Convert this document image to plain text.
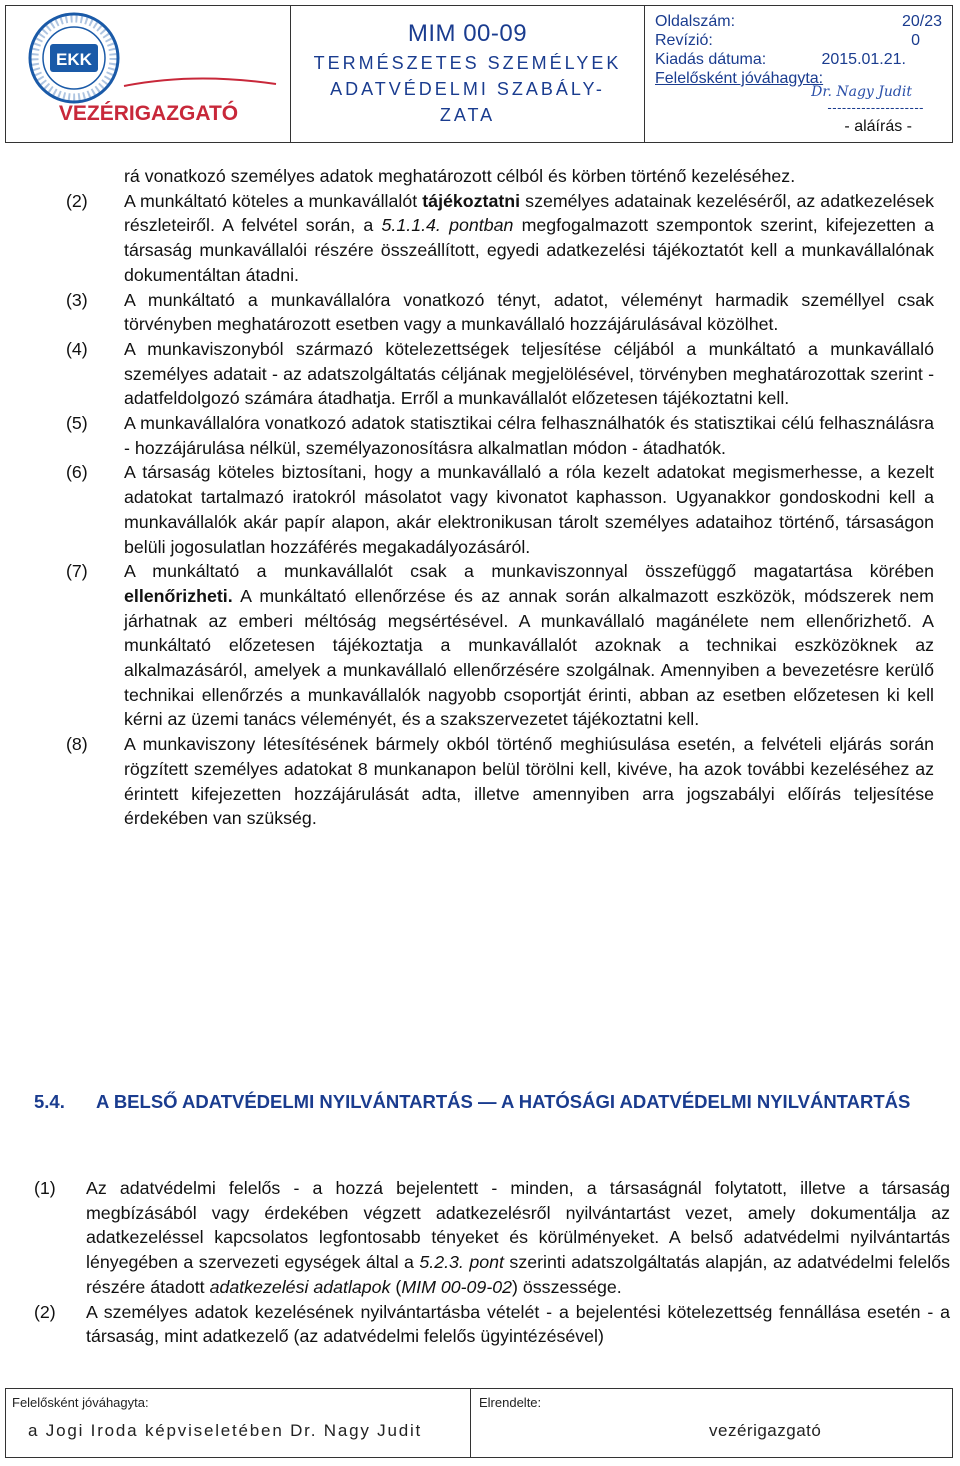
EKK
VEZÉRIGAZGATÓ
MIM 00-09
TERMÉSZETES SZEMÉLYEK ADATVÉDELMI SZABÁLY-ZATA
Oldalszám:	20/23
Revízió:	0
Kiadás dátuma:	2015.01.21.
Felelősként jóváhagyta:
Dr. Nagy Judit
--------------------
- aláírás -
rá vonatkozó személyes adatok meghatározott célból és körben történő kezeléséhez.
(2)	A munkáltató köteles a munkavállalót tájékoztatni személyes adatainak kezeléséről, az adatkezelések részleteiről. A felvétel során, a 5.1.1.4. pontban megfogalmazott szempontok szerint, kifejezetten a társaság munkavállalói részére összeállított, egyedi adatkezelési tájékoztatót kell a munkavállalónak dokumentáltan átadni.
(3)	A munkáltató a munkavállalóra vonatkozó tényt, adatot, véleményt harmadik személlyel csak törvényben meghatározott esetben vagy a munkavállaló hozzájárulásával közölhet.
(4)	A munkaviszonyból származó kötelezettségek teljesítése céljából a munkáltató a munkavállaló személyes adatait - az adatszolgáltatás céljának megjelölésével, törvényben meghatározottak szerint - adatfeldolgozó számára átadhatja. Erről a munkavállalót előzetesen tájékoztatni kell.
(5)	A munkavállalóra vonatkozó adatok statisztikai célra felhasználhatók és statisztikai célú felhasználásra - hozzájárulása nélkül, személyazonosításra alkalmatlan módon - átadhatók.
(6)	A társaság köteles biztosítani, hogy a munkavállaló a róla kezelt adatokat megismerhesse, a kezelt adatokat tartalmazó iratokról másolatot vagy kivonatot kaphasson. Ugyanakkor gondoskodni kell a munkavállalók akár papír alapon, akár elektronikusan tárolt személyes adataihoz történő, társaságon belüli jogosulatlan hozzáférés megakadályozásáról.
(7)	A munkáltató a munkavállalót csak a munkaviszonnyal összefüggő magatartása körében ellenőrizheti. A munkáltató ellenőrzése és az annak során alkalmazott eszközök, módszerek nem járhatnak az emberi méltóság megsértésével. A munkavállaló magánélete nem ellenőrizhető. A munkáltató előzetesen tájékoztatja a munkavállalót azoknak a technikai eszközöknek az alkalmazásáról, amelyek a munkavállaló ellenőrzésére szolgálnak. Amennyiben a bevezetésre kerülő technikai ellenőrzés a munkavállalók nagyobb csoportját érinti, abban az esetben előzetesen ki kell kérni az üzemi tanács véleményét, és a szakszervezetet tájékoztatni kell.
(8)	A munkaviszony létesítésének bármely okból történő meghiúsulása esetén, a felvételi eljárás során rögzített személyes adatokat 8 munkanapon belül törölni kell, kivéve, ha azok további kezeléséhez az érintett kifejezetten hozzájárulását adta, illetve amennyiben arra jogszabályi előírás teljesítése érdekében van szükség.
5.4. A BELSŐ ADATVÉDELMI NYILVÁNTARTÁS — A HATÓSÁGI ADATVÉDELMI NYILVÁNTARTÁS
(1)	Az adatvédelmi felelős - a hozzá bejelentett - minden, a társaságnál folytatott, illetve a társaság megbízásából vagy érdekében végzett adatkezelésről nyilvántartást vezet, amely dokumentálja az adatkezeléssel kapcsolatos legfontosabb tényeket és körülményeket. A belső adatvédelmi nyilvántartás lényegében a szervezeti egységek által a 5.2.3. pont szerinti adatszolgáltatás alapján, az adatvédelmi felelős részére átadott adatkezelési adatlapok (MIM 00-09-02) összessége.
(2)	A személyes adatok kezelésének nyilvántartásba vételét - a bejelentési kötelezettség fennállása esetén - a társaság, mint adatkezelő (az adatvédelmi felelős ügyintézésével)
Felelősként jóváhagyta:
a Jogi Iroda képviseletében Dr. Nagy Judit
Elrendelte:
vezérigazgató
